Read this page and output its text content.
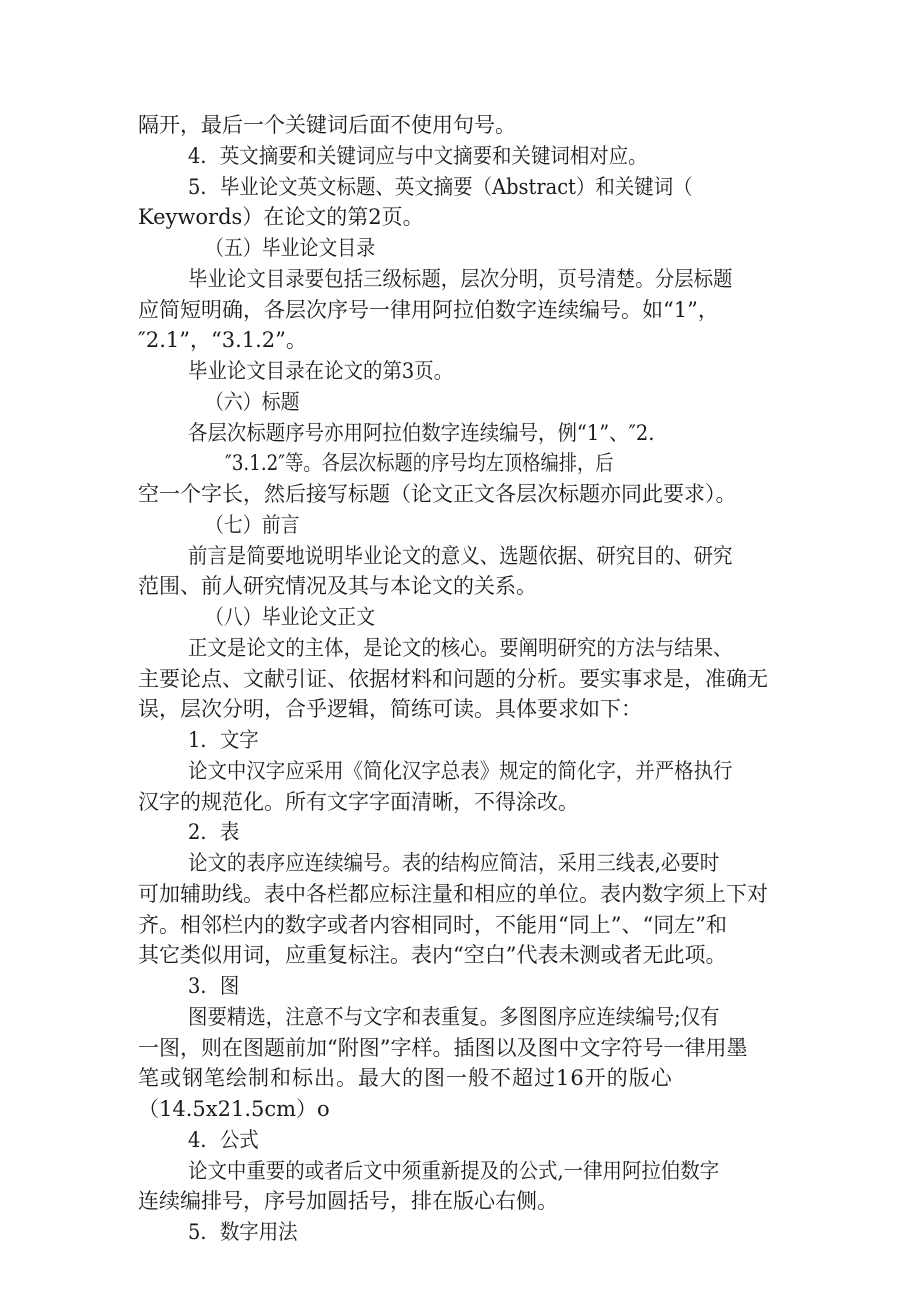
隔开，最后一个关键词后面不使用句号。
4．英文摘要和关键词应与中文摘要和关键词相对应。
5．毕业论文英文标题、英文摘要（Abstract）和关键词（
Keywords）在论文的第2页。
（五）毕业论文目录
毕业论文目录要包括三级标题，层次分明，页号清楚。分层标题
应简短明确，各层次序号一律用阿拉伯数字连续编号。如“1”，
″2.1”，“3.1.2”。
毕业论文目录在论文的第3页。
（六）标题
各层次标题序号亦用阿拉伯数字连续编号，例“1”、″2.
″3.1.2″等。各层次标题的序号均左顶格编排，后
空一个字长，然后接写标题（论文正文各层次标题亦同此要求）。
（七）前言
前言是简要地说明毕业论文的意义、选题依据、研究目的、研究
范围、前人研究情况及其与本论文的关系。
（八）毕业论文正文
正文是论文的主体，是论文的核心。要阐明研究的方法与结果、
主要论点、文献引证、依据材料和问题的分析。要实事求是，准确无
误，层次分明，合乎逻辑，简练可读。具体要求如下：
1．文字
论文中汉字应采用《简化汉字总表》规定的简化字，并严格执行
汉字的规范化。所有文字字面清晰，不得涂改。
2．表
论文的表序应连续编号。表的结构应简洁，采用三线表,必要时
可加辅助线。表中各栏都应标注量和相应的单位。表内数字须上下对
齐。相邻栏内的数字或者内容相同时，不能用“同上”、“同左”和
其它类似用词，应重复标注。表内“空白”代表未测或者无此项。
3．图
图要精选，注意不与文字和表重复。多图图序应连续编号;仅有
一图，则在图题前加“附图”字样。插图以及图中文字符号一律用墨
笔或钢笔绘制和标出。最大的图一般不超过16开的版心
（14.5x21.5cm）o
4．公式
论文中重要的或者后文中须重新提及的公式,一律用阿拉伯数字
连续编排号，序号加圆括号，排在版心右侧。
5．数字用法
